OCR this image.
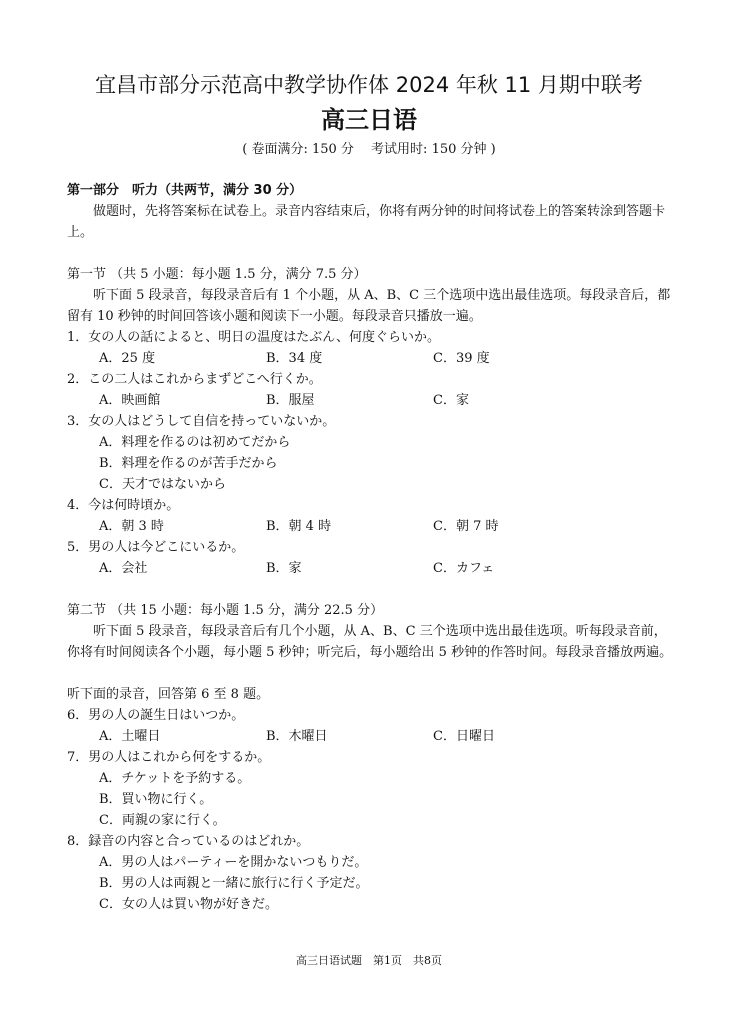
宜昌市部分示范高中教学协作体 2024 年秋 11 月期中联考
高三日语
( 卷面满分: 150 分　 考试用时: 150 分钟 )

第一部分　听力（共两节，满分 30 分）

做题时，先将答案标在试卷上。录音内容结束后，你将有两分钟的时间将试卷上的答案转涂到答题卡上。

第一节 （共 5 小题：每小题 1.5 分，满分 7.5 分）

听下面 5 段录音，每段录音后有 1 个小题，从 A、B、C 三个选项中选出最佳选项。每段录音后，都留有 10 秒钟的时间回答该小题和阅读下一小题。每段录音只播放一遍。

1．女の人の話によると、明日の温度はたぶん、何度ぐらいか。

A．25 度	B．34 度	C．39 度

2．この二人はこれからまずどこへ行くか。

A．映画館	B．服屋	C．家

3．女の人はどうして自信を持っていないか。

A．料理を作るのは初めてだから

B．料理を作るのが苦手だから

C．天才ではないから

4．今は何時頃か。

A．朝 3 時	B．朝 4 時	C．朝 7 時

5．男の人は今どこにいるか。

A．会社	B．家	C．カフェ

第二节 （共 15 小题：每小题 1.5 分，满分 22.5 分）

听下面 5 段录音，每段录音后有几个小题，从 A、B、C 三个选项中选出最佳选项。听每段录音前，你将有时间阅读各个小题，每小题 5 秒钟；听完后，每小题给出 5 秒钟的作答时间。每段录音播放两遍。

听下面的录音，回答第 6 至 8 题。

6．男の人の誕生日はいつか。

A．土曜日	B．木曜日	C．日曜日

7．男の人はこれから何をするか。

A．チケットを予約する。

B．買い物に行く。

C．両親の家に行く。

8．録音の内容と合っているのはどれか。

A．男の人はパーティーを開かないつもりだ。

B．男の人は両親と一緒に旅行に行く予定だ。

C．女の人は買い物が好きだ。

高三日语试题　第1页　共8页
